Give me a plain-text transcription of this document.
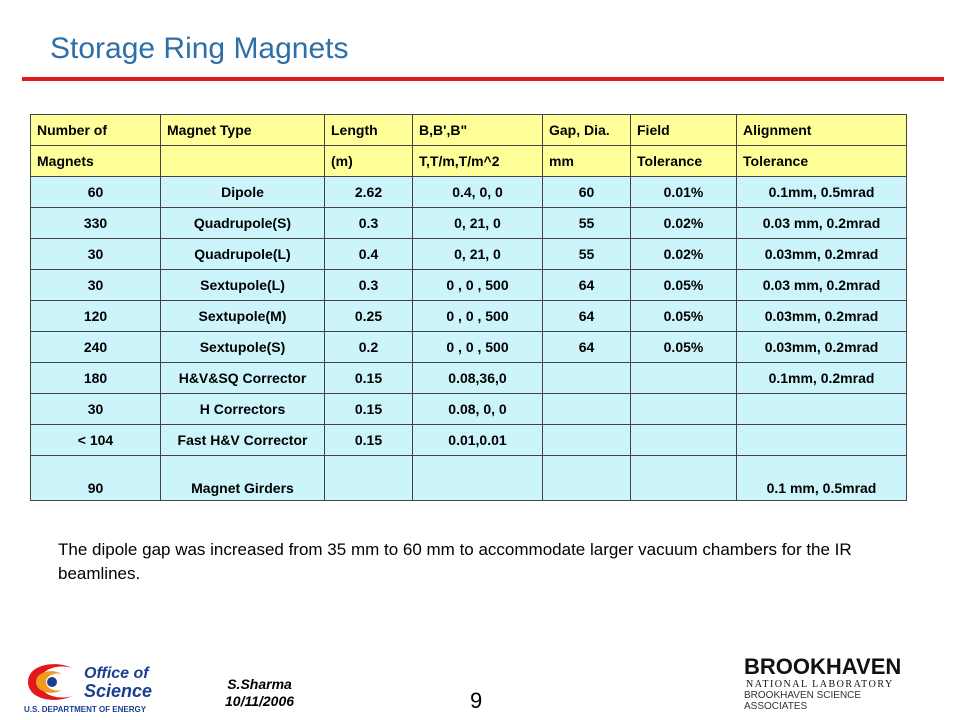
Storage Ring Magnets
Number of	Magnet Type	Length	B,B',B"	Gap, Dia.	Field	Alignment
Magnets		(m)	T,T/m,T/m^2	mm	Tolerance	Tolerance
60	Dipole	2.62	0.4, 0, 0	60	0.01%	0.1mm, 0.5mrad
330	Quadrupole(S)	0.3	0, 21, 0	55	0.02%	0.03 mm, 0.2mrad
30	Quadrupole(L)	0.4	0, 21, 0	55	0.02%	0.03mm, 0.2mrad
30	Sextupole(L)	0.3	0 , 0 , 500	64	0.05%	0.03 mm, 0.2mrad
120	Sextupole(M)	0.25	0 , 0 , 500	64	0.05%	0.03mm, 0.2mrad
240	Sextupole(S)	0.2	0 , 0 , 500	64	0.05%	0.03mm, 0.2mrad
180	H&V&SQ Corrector	0.15	0.08,36,0			0.1mm, 0.2mrad
30	H Correctors	0.15	0.08, 0, 0			
< 104	Fast H&V Corrector	0.15	0.01,0.01			
90	Magnet Girders					0.1 mm, 0.5mrad

The dipole gap was increased from 35 mm to 60 mm to accommodate larger vacuum chambers for the IR beamlines.

Office of
Science
U.S. DEPARTMENT OF ENERGY
S.Sharma
10/11/2006	9
BROOKHAVEN
NATIONAL LABORATORY
BROOKHAVEN SCIENCE
ASSOCIATES
